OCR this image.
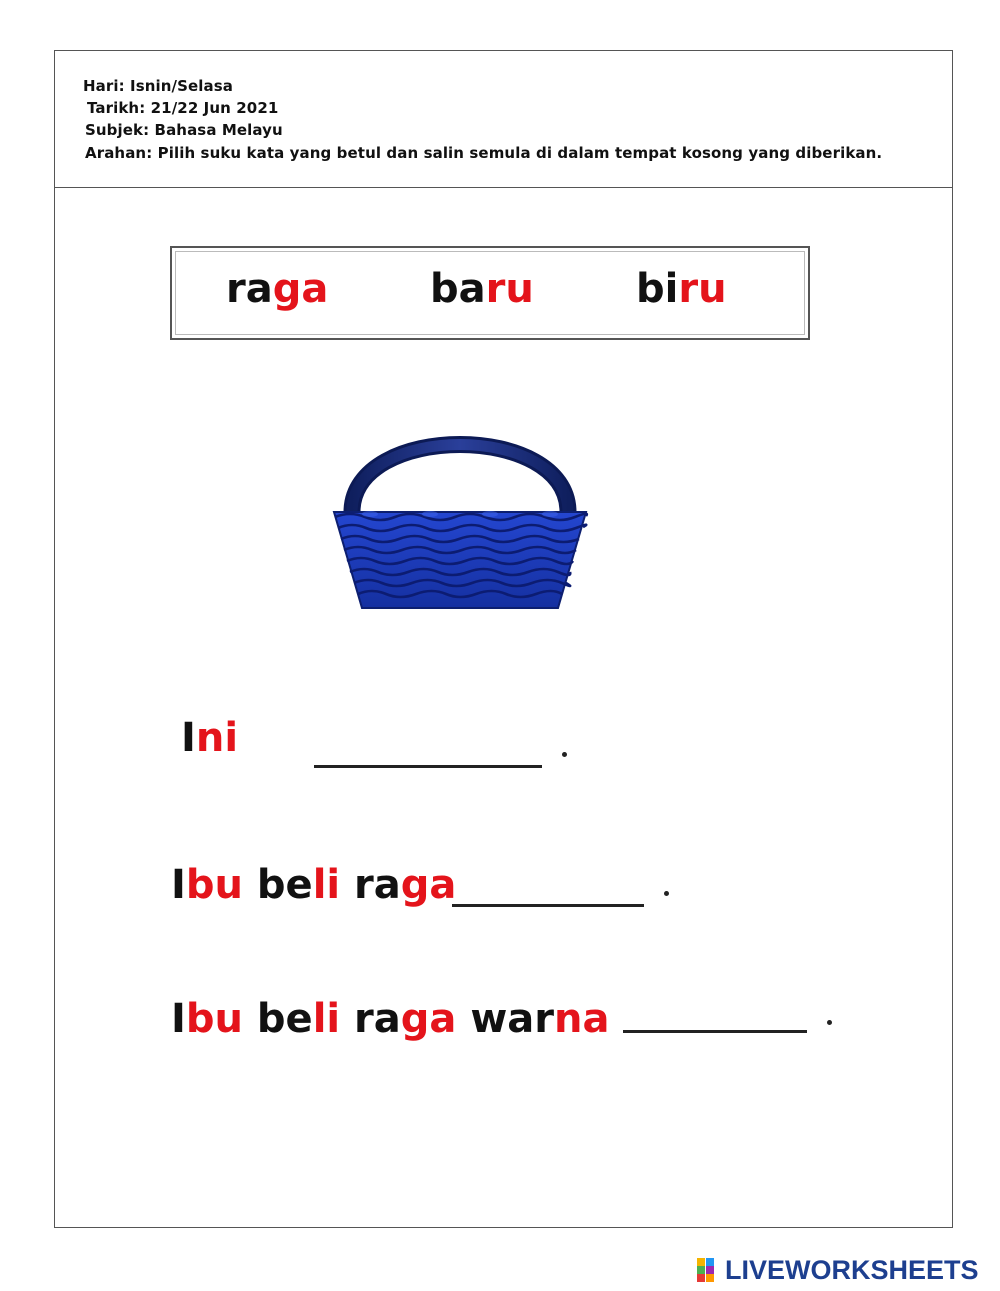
Hari: Isnin/Selasa
Tarikh: 21/22 Jun 2021
Subjek: Bahasa Melayu
Arahan: Pilih suku kata yang betul dan salin semula di dalam tempat kosong yang diberikan.
raga	baru	biru
Ini
Ibu beli raga
Ibu beli raga warna
LIVEWORKSHEETS
